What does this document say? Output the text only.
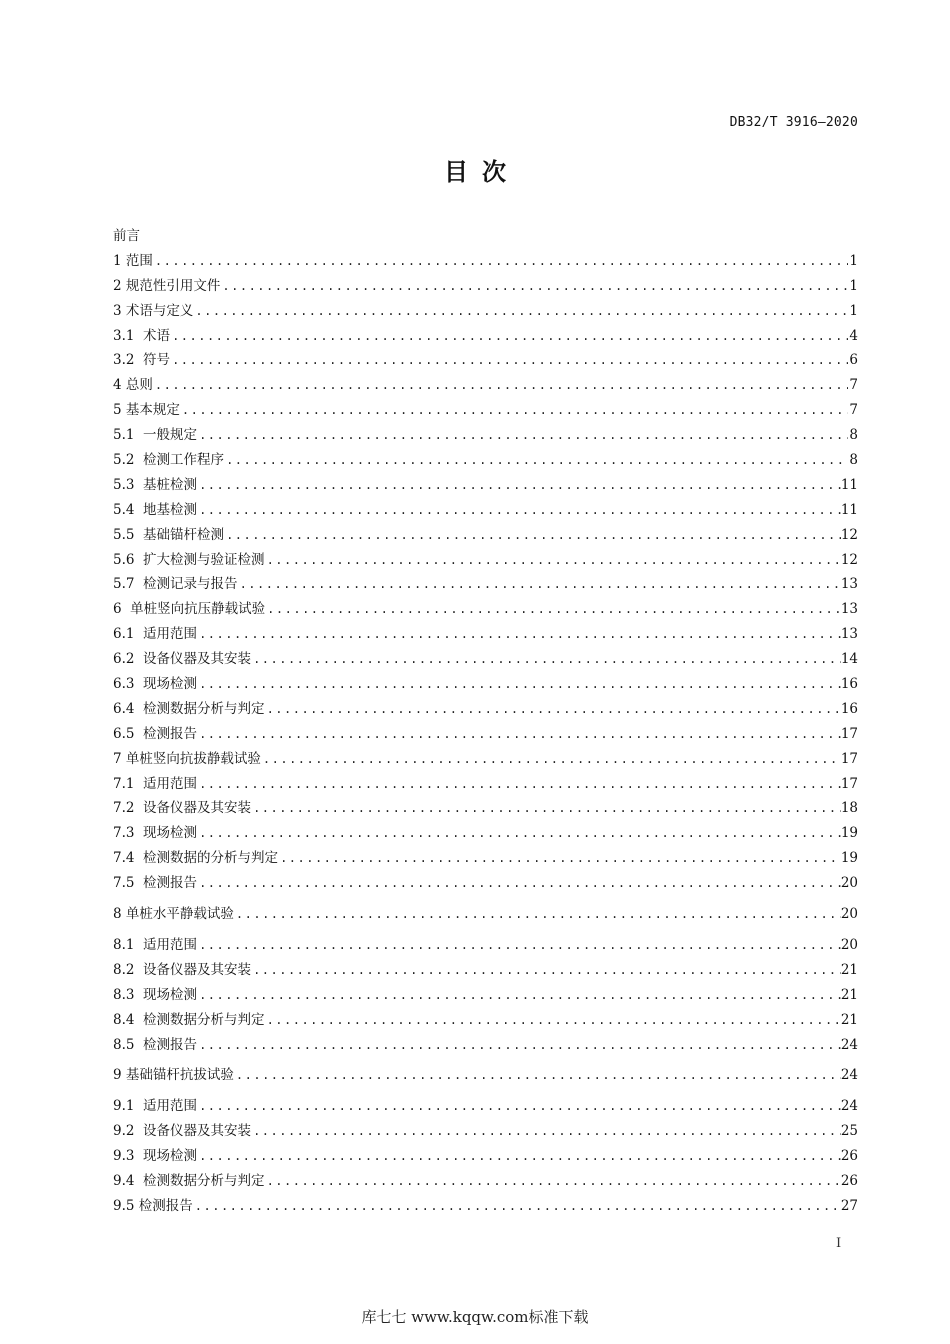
DB32/T 3916—2020
目次
前言
1 范围 .....	1
2 规范性引用文件 .....	1
3 术语与定义 .....	1
3.1  术语 .....	4
3.2  符号 .....	6
4 总则 .....	7
5 基本规定 .....	7
5.1  一般规定 .....	8
5.2  检测工作程序 .....	8
5.3  基桩检测 .....	11
5.4  地基检测 .....	11
5.5  基础锚杆检测 .....	12
5.6  扩大检测与验证检测 .....	12
5.7  检测记录与报告 .....	13
6  单桩竖向抗压静载试验 .....	13
6.1  适用范围 .....	13
6.2  设备仪器及其安装 .....	14
6.3  现场检测 .....	16
6.4  检测数据分析与判定 .....	16
6.5  检测报告 .....	17
7 单桩竖向抗拔静载试验 .....	17
7.1  适用范围 .....	17
7.2  设备仪器及其安装 .....	18
7.3  现场检测 .....	19
7.4  检测数据的分析与判定 .....	19
7.5  检测报告 .....	20
8 单桩水平静载试验 .....	20
8.1  适用范围 .....	20
8.2  设备仪器及其安装 .....	21
8.3  现场检测 .....	21
8.4  检测数据分析与判定 .....	21
8.5  检测报告 .....	24
9 基础锚杆抗拔试验 .....	24
9.1  适用范围 .....	24
9.2  设备仪器及其安装 .....	25
9.3  现场检测 .....	26
9.4  检测数据分析与判定 .....	26
9.5 检测报告 .....	27
I
库七七 www.kqqw.com标准下载
